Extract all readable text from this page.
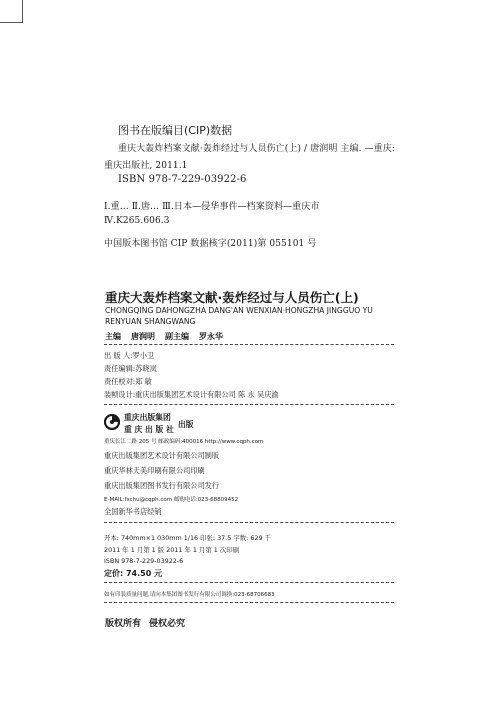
图书在版编目(CIP)数据
重庆大轰炸档案文献·轰炸经过与人员伤亡(上) / 唐润明 主编. —重庆:
重庆出版社, 2011.1
ISBN 978-7-229-03922-6
Ⅰ.重… Ⅱ.唐… Ⅲ.日本—侵华事件—档案资料—重庆市
Ⅳ.K265.606.3
中国版本图书馆 CIP 数据核字(2011)第 055101 号
重庆大轰炸档案文献·轰炸经过与人员伤亡(上)
CHONGQING DAHONGZHA DANG'AN WENXIAN·HONGZHA JINGGUO YU
RENYUAN SHANGWANG
主编 唐润明 副主编 罗永华
出 版 人:罗小卫
责任编辑:苏晓岚
责任校对:郑 敏
装帧设计:重庆出版集团艺术设计有限公司 陈 永 吴庆渝
重庆出版集团
重 庆 出 版 社
出版
重庆长江二路 205 号 邮政编码:400016 http://www.cqph.com
重庆出版集团艺术设计有限公司制版
重庆华林天美印刷有限公司印刷
重庆出版集团图书发行有限公司发行
E-MAIL:fxchu@cqph.com 邮购电话:023-68809452
全国新华书店经销
开本: 740mm×1 030mm 1/16 印张: 37.5 字数: 629 千
2011 年 1 月第 1 版 2011 年 1 月第 1 次印刷
ISBN 978-7-229-03922-6
定价: 74.50 元
如有印装质量问题,请向本集团图书发行有限公司调换:023-68706683
版权所有 侵权必究
